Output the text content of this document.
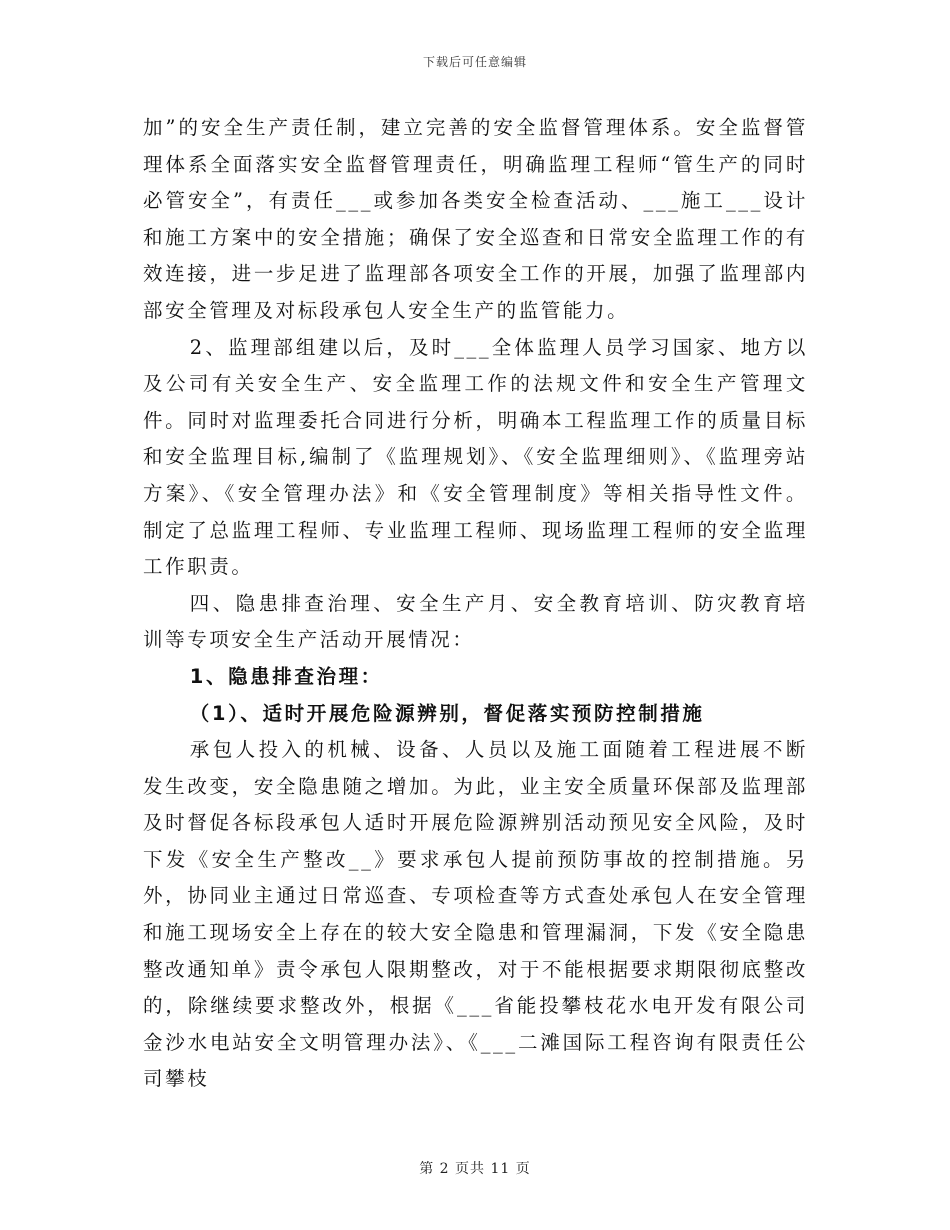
下载后可任意编辑

加”的安全生产责任制，建立完善的安全监督管理体系。安全监督管理体系全面落实安全监督管理责任，明确监理工程师“管生产的同时必管安全”，有责任___或参加各类安全检查活动、___施工___设计和施工方案中的安全措施；确保了安全巡查和日常安全监理工作的有效连接，进一步足进了监理部各项安全工作的开展，加强了监理部内部安全管理及对标段承包人安全生产的监管能力。

2、监理部组建以后，及时___全体监理人员学习国家、地方以及公司有关安全生产、安全监理工作的法规文件和安全生产管理文件。同时对监理委托合同进行分析，明确本工程监理工作的质量目标和安全监理目标,编制了《监理规划》、《安全监理细则》、《监理旁站方案》、《安全管理办法》和《安全管理制度》等相关指导性文件。制定了总监理工程师、专业监理工程师、现场监理工程师的安全监理工作职责。

四、隐患排查治理、安全生产月、安全教育培训、防灾教育培训等专项安全生产活动开展情况：

1、隐患排查治理：

（1）、适时开展危险源辨别，督促落实预防控制措施

承包人投入的机械、设备、人员以及施工面随着工程进展不断发生改变，安全隐患随之增加。为此，业主安全质量环保部及监理部及时督促各标段承包人适时开展危险源辨别活动预见安全风险，及时下发《安全生产整改__》要求承包人提前预防事故的控制措施。另外，协同业主通过日常巡查、专项检查等方式查处承包人在安全管理和施工现场安全上存在的较大安全隐患和管理漏洞，下发《安全隐患整改通知单》责令承包人限期整改，对于不能根据要求期限彻底整改的，除继续要求整改外，根据《___省能投攀枝花水电开发有限公司金沙水电站安全文明管理办法》、《___二滩国际工程咨询有限责任公司攀枝

第 2 页共 11 页
